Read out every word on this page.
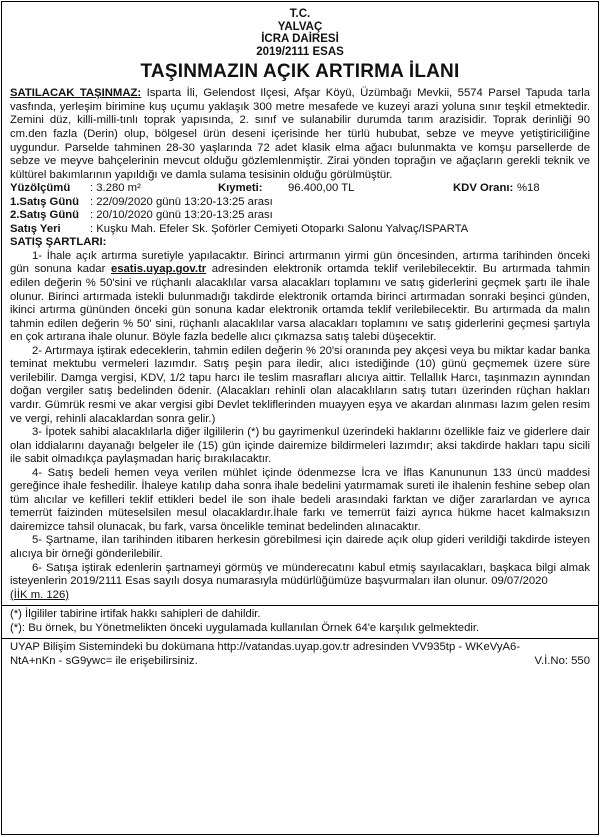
T.C.
YALVAÇ
İCRA DAİRESİ
2019/2111 ESAS
TAŞINMAZIN AÇIK ARTIRMA İLANI
SATILACAK TAŞINMAZ: Isparta İli, Gelendost Ilçesi, Afşar Köyü, Üzümbağı Mevkii, 5574 Parsel Tapuda tarla vasfında, yerleşim birimine kuş uçumu yaklaşık 300 metre mesafede ve kuzeyi arazi yoluna sınır teşkil etmektedir. Zemini düz, killi-milli-tınlı toprak yapısında, 2. sınıf ve sulanabilir durumda tarım arazisidir. Toprak derinliği 90 cm.den fazla (Derin) olup, bölgesel ürün deseni içerisinde her türlü hububat, sebze ve meyve yetiştiriciliğine uygundur. Parselde tahminen 28-30 yaşlarında 72 adet klasik elma ağacı bulunmakta ve komşu parsellerde de sebze ve meyve bahçelerinin mevcut olduğu gözlemlenmiştir. Zirai yönden toprağın ve ağaçların gerekli teknik ve kültürel bakımlarının yapıldığı ve damla sulama tesisinin olduğu görülmüştür.
Yüzölçümü	: 3.280 m²	Kıymeti:	96.400,00 TL	KDV Oranı: %18
1.Satış Günü : 22/09/2020 günü 13:20-13:25 arası
2.Satış Günü : 20/10/2020 günü 13:20-13:25 arası
Satış Yeri	: Kuşku Mah. Efeler Sk. Şoförler Cemiyeti Otoparkı Salonu Yalvaç/ISPARTA
SATIŞ ŞARTLARI:
1- İhale açık artırma suretiyle yapılacaktır. Birinci artırmanın yirmi gün öncesinden, artırma tarihinden önceki gün sonuna kadar esatis.uyap.gov.tr adresinden elektronik ortamda teklif verilebilecektir. Bu artırmada tahmin edilen değerin % 50'sini ve rüçhanlı alacaklılar varsa alacakları toplamını ve satış giderlerini geçmek şartı ile ihale olunur. Birinci artırmada istekli bulunmadığı takdirde elektronik ortamda birinci artırmadan sonraki beşinci günden, ikinci artırma gününden önceki gün sonuna kadar elektronik ortamda teklif verilebilecektir. Bu artırmada da malın tahmin edilen değerin % 50' sini, rüçhanlı alacaklılar varsa alacakları toplamını ve satış giderlerini geçmesi şartıyla en çok artırana ihale olunur. Böyle fazla bedelle alıcı çıkmazsa satış talebi düşecektir.
2- Artırmaya iştirak edeceklerin, tahmin edilen değerin % 20'si oranında pey akçesi veya bu miktar kadar banka teminat mektubu vermeleri lazımdır. Satış peşin para iledir, alıcı istediğinde (10) günü geçmemek üzere süre verilebilir. Damga vergisi, KDV, 1/2 tapu harcı ile teslim masrafları alıcıya aittir. Tellallık Harcı, taşınmazın aynından doğan vergiler satış bedelinden ödenir. (Alacakları rehinli olan alacaklıların satış tutarı üzerinden rüçhan hakları vardır. Gümrük resmi ve akar vergisi gibi Devlet tekliflerinden muayyen eşya ve akardan alınması lazım gelen resim ve vergi, rehinli alacaklardan sonra gelir.)
3- İpotek sahibi alacaklılarla diğer ilgililerin (*) bu gayrimenkul üzerindeki haklarını özellikle faiz ve giderlere dair olan iddialarını dayanağı belgeler ile (15) gün içinde dairemize bildirmeleri lazımdır; aksi takdirde hakları tapu sicili ile sabit olmadıkça paylaşmadan hariç bırakılacaktır.
4- Satış bedeli hemen veya verilen mühlet içinde ödenmezse İcra ve İflas Kanununun 133 üncü maddesi gereğince ihale feshedilir. İhaleye katılıp daha sonra ihale bedelini yatırmamak sureti ile ihalenin feshine sebep olan tüm alıcılar ve kefilleri teklif ettikleri bedel ile son ihale bedeli arasındaki farktan ve diğer zararlardan ve ayrıca temerrüt faizinden müteselsilen mesul olacaklardır.İhale farkı ve temerrüt faizi ayrıca hükme hacet kalmaksızın dairemizce tahsil olunacak, bu fark, varsa öncelikle teminat bedelinden alınacaktır.
5- Şartname, ilan tarihinden itibaren herkesin görebilmesi için dairede açık olup gideri verildiği takdirde isteyen alıcıya bir örneği gönderilebilir.
6- Satışa iştirak edenlerin şartnameyi görmüş ve münderecatını kabul etmiş sayılacakları, başkaca bilgi almak isteyenlerin 2019/2111 Esas sayılı dosya numarasıyla müdürlüğümüze başvurmaları ilan olunur. 09/07/2020
(İİK m. 126)
(*) İlgililer tabirine irtifak hakkı sahipleri de dahildir.
(*): Bu örnek, bu Yönetmelikten önceki uygulamada kullanılan Örnek 64'e karşılık gelmektedir.
UYAP Bilişim Sistemindeki bu dokümana http://vatandas.uyap.gov.tr adresinden VV935tp - WKeVyA6-
NtA+nKn - sG9ywc= ile erişebilirsiniz.	V.İ.No: 550
